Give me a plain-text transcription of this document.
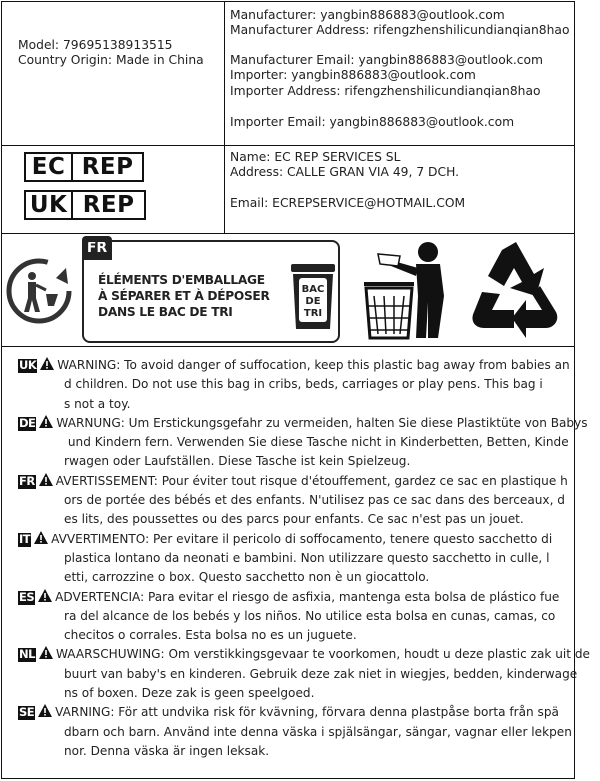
Model: 79695138913515
Country Origin: Made in China
Manufacturer: yangbin886883@outlook.com
Manufacturer Address: rifengzhenshilicundianqian8hao
Manufacturer Email: yangbin886883@outlook.com
Importer: yangbin886883@outlook.com
Importer Address: rifengzhenshilicundianqian8hao
Importer Email: yangbin886883@outlook.com
EC REP
UK REP
Name: EC REP SERVICES SL
Address: CALLE GRAN VIA 49, 7 DCH.
Email: ECREPSERVICE@HOTMAIL.COM
FR
ÉLÉMENTS D'EMBALLAGE
À SÉPARER ET À DÉPOSER
DANS LE BAC DE TRI
BAC
DE
TRI
UK WARNING: To avoid danger of suffocation, keep this plastic bag away from babies an
d children. Do not use this bag in cribs, beds, carriages or play pens. This bag i
s not a toy.
DE WARNUNG: Um Erstickungsgefahr zu vermeiden, halten Sie diese Plastiktüte von Babys
und Kindern fern. Verwenden Sie diese Tasche nicht in Kinderbetten, Betten, Kinde
rwagen oder Laufställen. Diese Tasche ist kein Spielzeug.
FR AVERTISSEMENT: Pour éviter tout risque d'étouffement, gardez ce sac en plastique h
ors de portée des bébés et des enfants. N'utilisez pas ce sac dans des berceaux, d
es lits, des poussettes ou des parcs pour enfants. Ce sac n'est pas un jouet.
IT AVVERTIMENTO: Per evitare il pericolo di soffocamento, tenere questo sacchetto di
plastica lontano da neonati e bambini. Non utilizzare questo sacchetto in culle, l
etti, carrozzine o box. Questo sacchetto non è un giocattolo.
ES ADVERTENCIA: Para evitar el riesgo de asfixia, mantenga esta bolsa de plástico fue
ra del alcance de los bebés y los niños. No utilice esta bolsa en cunas, camas, co
checitos o corrales. Esta bolsa no es un juguete.
NL WAARSCHUWING: Om verstikkingsgevaar te voorkomen, houdt u deze plastic zak uit de
buurt van baby's en kinderen. Gebruik deze zak niet in wiegjes, bedden, kinderwage
ns of boxen. Deze zak is geen speelgoed.
SE VARNING: För att undvika risk för kvävning, förvara denna plastpåse borta från spä
dbarn och barn. Använd inte denna väska i spjälsängar, sängar, vagnar eller lekpen
nor. Denna väska är ingen leksak.
